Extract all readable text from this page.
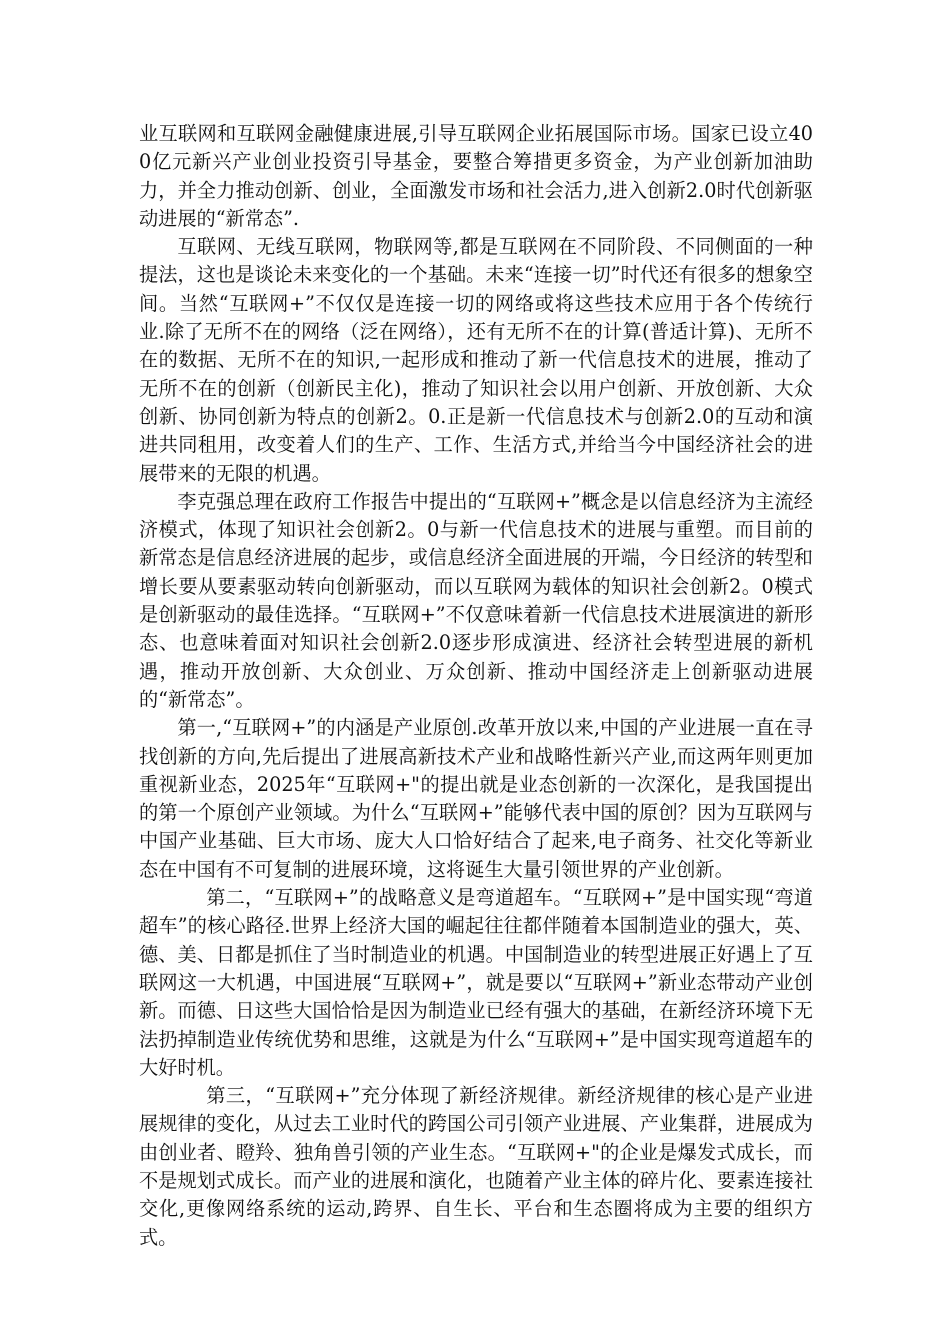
业互联网和互联网金融健康进展,引导互联网企业拓展国际市场。国家已设立400亿元新兴产业创业投资引导基金，要整合筹措更多资金，为产业创新加油助力，并全力推动创新、创业，全面激发市场和社会活力,进入创新2.0时代创新驱动进展的“新常态”.

互联网、无线互联网，物联网等,都是互联网在不同阶段、不同侧面的一种提法，这也是谈论未来变化的一个基础。未来“连接一切”时代还有很多的想象空间。当然“互联网+”不仅仅是连接一切的网络或将这些技术应用于各个传统行业.除了无所不在的网络（泛在网络），还有无所不在的计算(普适计算)、无所不在的数据、无所不在的知识,一起形成和推动了新一代信息技术的进展，推动了无所不在的创新（创新民主化)，推动了知识社会以用户创新、开放创新、大众创新、协同创新为特点的创新2。0.正是新一代信息技术与创新2.0的互动和演进共同租用，改变着人们的生产、工作、生活方式,并给当今中国经济社会的进展带来的无限的机遇。

李克强总理在政府工作报告中提出的“互联网+”概念是以信息经济为主流经济模式，体现了知识社会创新2。0与新一代信息技术的进展与重塑。而目前的新常态是信息经济进展的起步，或信息经济全面进展的开端，今日经济的转型和增长要从要素驱动转向创新驱动，而以互联网为载体的知识社会创新2。0模式是创新驱动的最佳选择。“互联网+”不仅意味着新一代信息技术进展演进的新形态、也意味着面对知识社会创新2.0逐步形成演进、经济社会转型进展的新机遇，推动开放创新、大众创业、万众创新、推动中国经济走上创新驱动进展的“新常态”。

第一,“互联网+”的内涵是产业原创.改革开放以来,中国的产业进展一直在寻找创新的方向,先后提出了进展高新技术产业和战略性新兴产业,而这两年则更加重视新业态，2025年“互联网+"的提出就是业态创新的一次深化，是我国提出的第一个原创产业领域。为什么“互联网+”能够代表中国的原创？因为互联网与中国产业基础、巨大市场、庞大人口恰好结合了起来,电子商务、社交化等新业态在中国有不可复制的进展环境，这将诞生大量引领世界的产业创新。

第二，“互联网+”的战略意义是弯道超车。“互联网+”是中国实现“弯道超车”的核心路径.世界上经济大国的崛起往往都伴随着本国制造业的强大，英、德、美、日都是抓住了当时制造业的机遇。中国制造业的转型进展正好遇上了互联网这一大机遇，中国进展“互联网+”，就是要以“互联网+”新业态带动产业创新。而德、日这些大国恰恰是因为制造业已经有强大的基础，在新经济环境下无法扔掉制造业传统优势和思维，这就是为什么“互联网+”是中国实现弯道超车的大好时机。

第三，“互联网+”充分体现了新经济规律。新经济规律的核心是产业进展规律的变化，从过去工业时代的跨国公司引领产业进展、产业集群，进展成为由创业者、瞪羚、独角兽引领的产业生态。“互联网+"的企业是爆发式成长，而不是规划式成长。而产业的进展和演化，也随着产业主体的碎片化、要素连接社交化,更像网络系统的运动,跨界、自生长、平台和生态圈将成为主要的组织方式。
